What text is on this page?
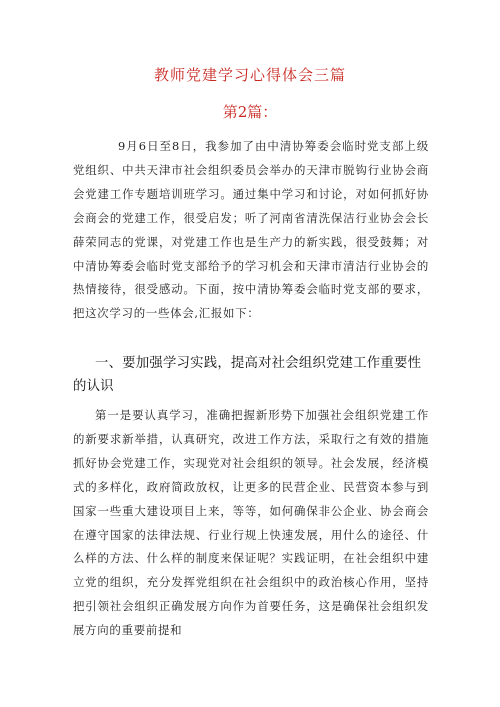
教师党建学习心得体会三篇
第2篇：

9月6日至8日，我参加了由中清协筹委会临时党支部上级党组织、中共天津市社会组织委员会举办的天津市脱钩行业协会商会党建工作专题培训班学习。通过集中学习和讨论，对如何抓好协会商会的党建工作，很受启发；听了河南省清洗保洁行业协会会长薛荣同志的党课，对党建工作也是生产力的新实践，很受鼓舞；对中清协筹委会临时党支部给予的学习机会和天津市清洁行业协会的热情接待，很受感动。下面，按中清协筹委会临时党支部的要求，把这次学习的一些体会,汇报如下：

一、要加强学习实践，提高对社会组织党建工作重要性的认识

第一是要认真学习，准确把握新形势下加强社会组织党建工作的新要求新举措，认真研究，改进工作方法，采取行之有效的措施抓好协会党建工作，实现党对社会组织的领导。社会发展，经济模式的多样化，政府简政放权，让更多的民营企业、民营资本参与到国家一些重大建设项目上来，等等，如何确保非公企业、协会商会在遵守国家的法律法规、行业行规上快速发展，用什么的途径、什么样的方法、什么样的制度来保证呢？实践证明，在社会组织中建立党的组织，充分发挥党组织在社会组织中的政治核心作用，坚持把引领社会组织正确发展方向作为首要任务，这是确保社会组织发展方向的重要前提和
